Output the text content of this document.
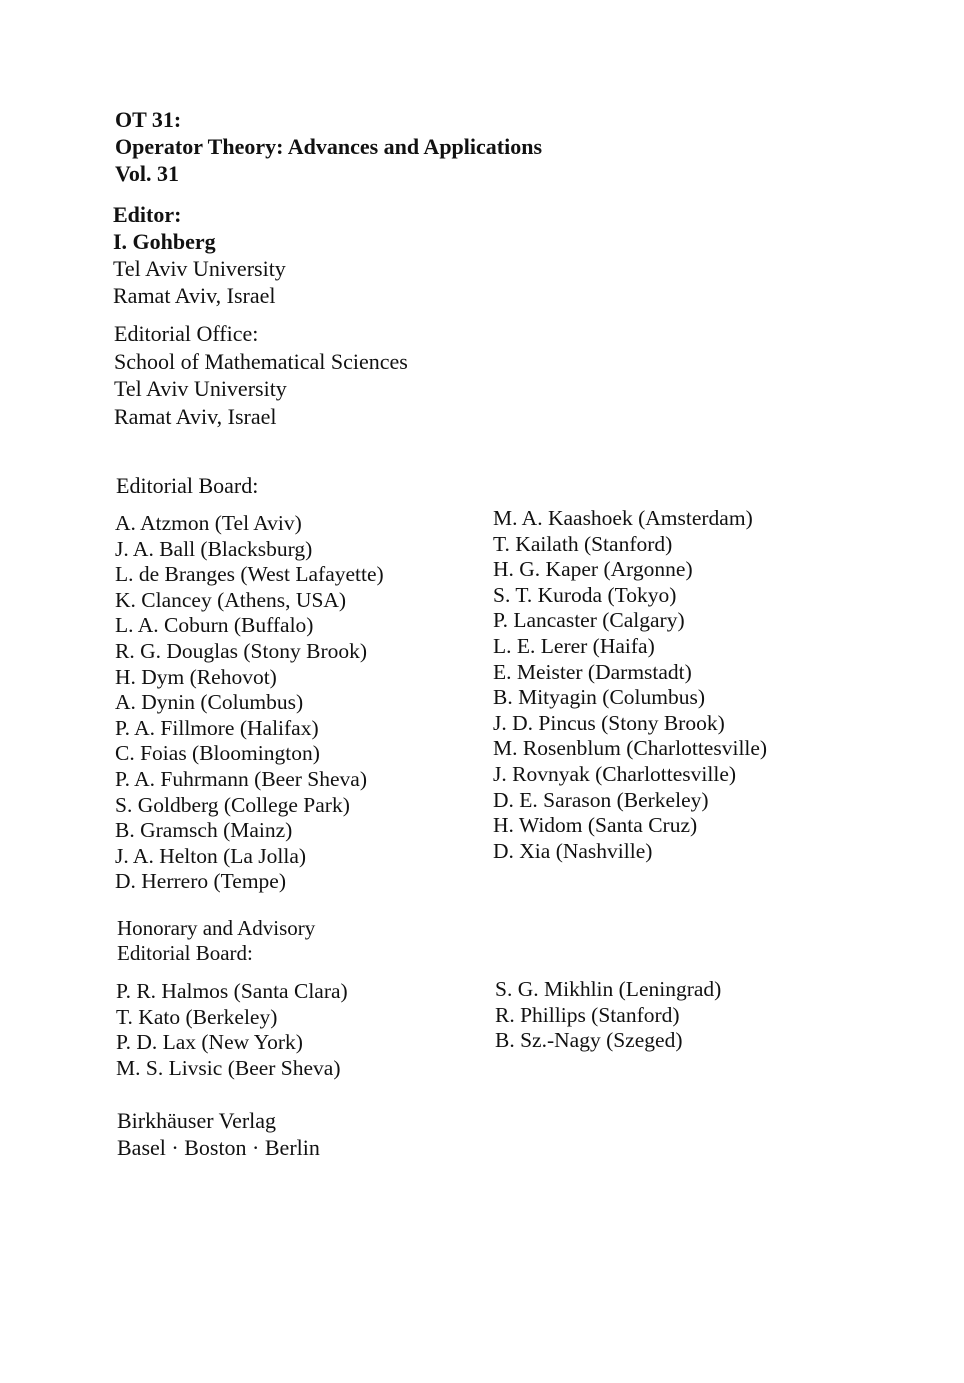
OT 31:
Operator Theory: Advances and Applications
Vol. 31
Editor:
I. Gohberg
Tel Aviv University
Ramat Aviv, Israel
Editorial Office:
School of Mathematical Sciences
Tel Aviv University
Ramat Aviv, Israel
Editorial Board:
A. Atzmon (Tel Aviv)
J. A. Ball (Blacksburg)
L. de Branges (West Lafayette)
K. Clancey (Athens, USA)
L. A. Coburn (Buffalo)
R. G. Douglas (Stony Brook)
H. Dym (Rehovot)
A. Dynin (Columbus)
P. A. Fillmore (Halifax)
C. Foias (Bloomington)
P. A. Fuhrmann (Beer Sheva)
S. Goldberg (College Park)
B. Gramsch (Mainz)
J. A. Helton (La Jolla)
D. Herrero (Tempe)
M. A. Kaashoek (Amsterdam)
T. Kailath (Stanford)
H. G. Kaper (Argonne)
S. T. Kuroda (Tokyo)
P. Lancaster (Calgary)
L. E. Lerer (Haifa)
E. Meister (Darmstadt)
B. Mityagin (Columbus)
J. D. Pincus (Stony Brook)
M. Rosenblum (Charlottesville)
J. Rovnyak (Charlottesville)
D. E. Sarason (Berkeley)
H. Widom (Santa Cruz)
D. Xia (Nashville)
Honorary and Advisory
Editorial Board:
P. R. Halmos (Santa Clara)
T. Kato (Berkeley)
P. D. Lax (New York)
M. S. Livsic (Beer Sheva)
S. G. Mikhlin (Leningrad)
R. Phillips (Stanford)
B. Sz.-Nagy (Szeged)
Birkhäuser Verlag
Basel · Boston · Berlin
